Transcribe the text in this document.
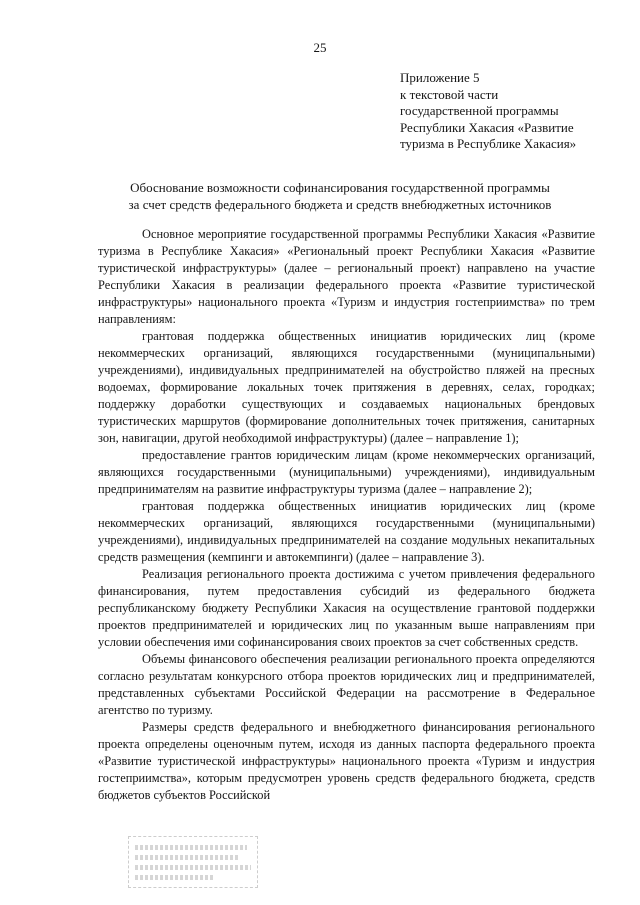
25
Приложение 5
к текстовой части
государственной программы
Республики Хакасия «Развитие
туризма в Республике Хакасия»
Обоснование возможности софинансирования государственной программы
за счет средств федерального бюджета и средств внебюджетных источников

Основное мероприятие государственной программы Республики Хакасия «Развитие туризма в Республике Хакасия» «Региональный проект Республики Хакасия «Развитие туристической инфраструктуры» (далее – региональный проект) направлено на участие Республики Хакасия в реализации федерального проекта «Развитие туристической инфраструктуры» национального проекта «Туризм и индустрия гостеприимства» по трем направлениям:

грантовая поддержка общественных инициатив юридических лиц (кроме некоммерческих организаций, являющихся государственными (муниципальными) учреждениями), индивидуальных предпринимателей на обустройство пляжей на пресных водоемах, формирование локальных точек притяжения в деревнях, селах, городках; поддержку доработки существующих и создаваемых национальных брендовых туристических маршрутов (формирование дополнительных точек притяжения, санитарных зон, навигации, другой необходимой инфраструктуры) (далее – направление 1);

предоставление грантов юридическим лицам (кроме некоммерческих организаций, являющихся государственными (муниципальными) учреждениями), индивидуальным предпринимателям на развитие инфраструктуры туризма (далее – направление 2);

грантовая поддержка общественных инициатив юридических лиц (кроме некоммерческих организаций, являющихся государственными (муниципальными) учреждениями), индивидуальных предпринимателей на создание модульных некапитальных средств размещения (кемпинги и автокемпинги) (далее – направление 3).

Реализация регионального проекта достижима с учетом привлечения федерального финансирования, путем предоставления субсидий из федерального бюджета республиканскому бюджету Республики Хакасия на осуществление грантовой поддержки проектов предпринимателей и юридических лиц по указанным выше направлениям при условии обеспечения ими софинансирования своих проектов за счет собственных средств.

Объемы финансового обеспечения реализации регионального проекта определяются согласно результатам конкурсного отбора проектов юридических лиц и предпринимателей, представленных субъектами Российской Федерации на рассмотрение в Федеральное агентство по туризму.

Размеры средств федерального и внебюджетного финансирования регионального проекта определены оценочным путем, исходя из данных паспорта федерального проекта «Развитие туристической инфраструктуры» национального проекта «Туризм и индустрия гостеприимства», которым предусмотрен уровень средств федерального бюджета, средств бюджетов субъектов Российской
